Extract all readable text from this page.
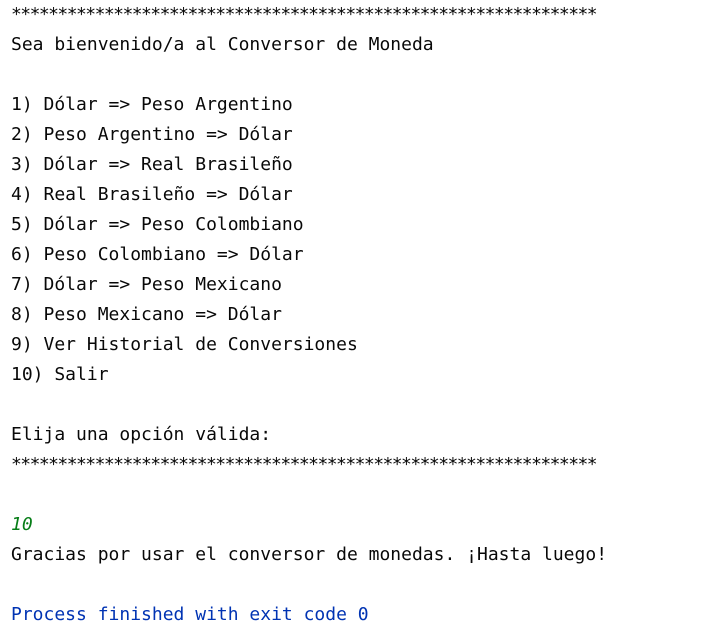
***************************************************************
Sea bienvenido/a al Conversor de Moneda

1) Dólar => Peso Argentino
2) Peso Argentino => Dólar
3) Dólar => Real Brasileño
4) Real Brasileño => Dólar
5) Dólar => Peso Colombiano
6) Peso Colombiano => Dólar
7) Dólar => Peso Mexicano
8) Peso Mexicano => Dólar
9) Ver Historial de Conversiones
10) Salir

Elija una opción válida:
***************************************************************

10
Gracias por usar el conversor de monedas. ¡Hasta luego!

Process finished with exit code 0
